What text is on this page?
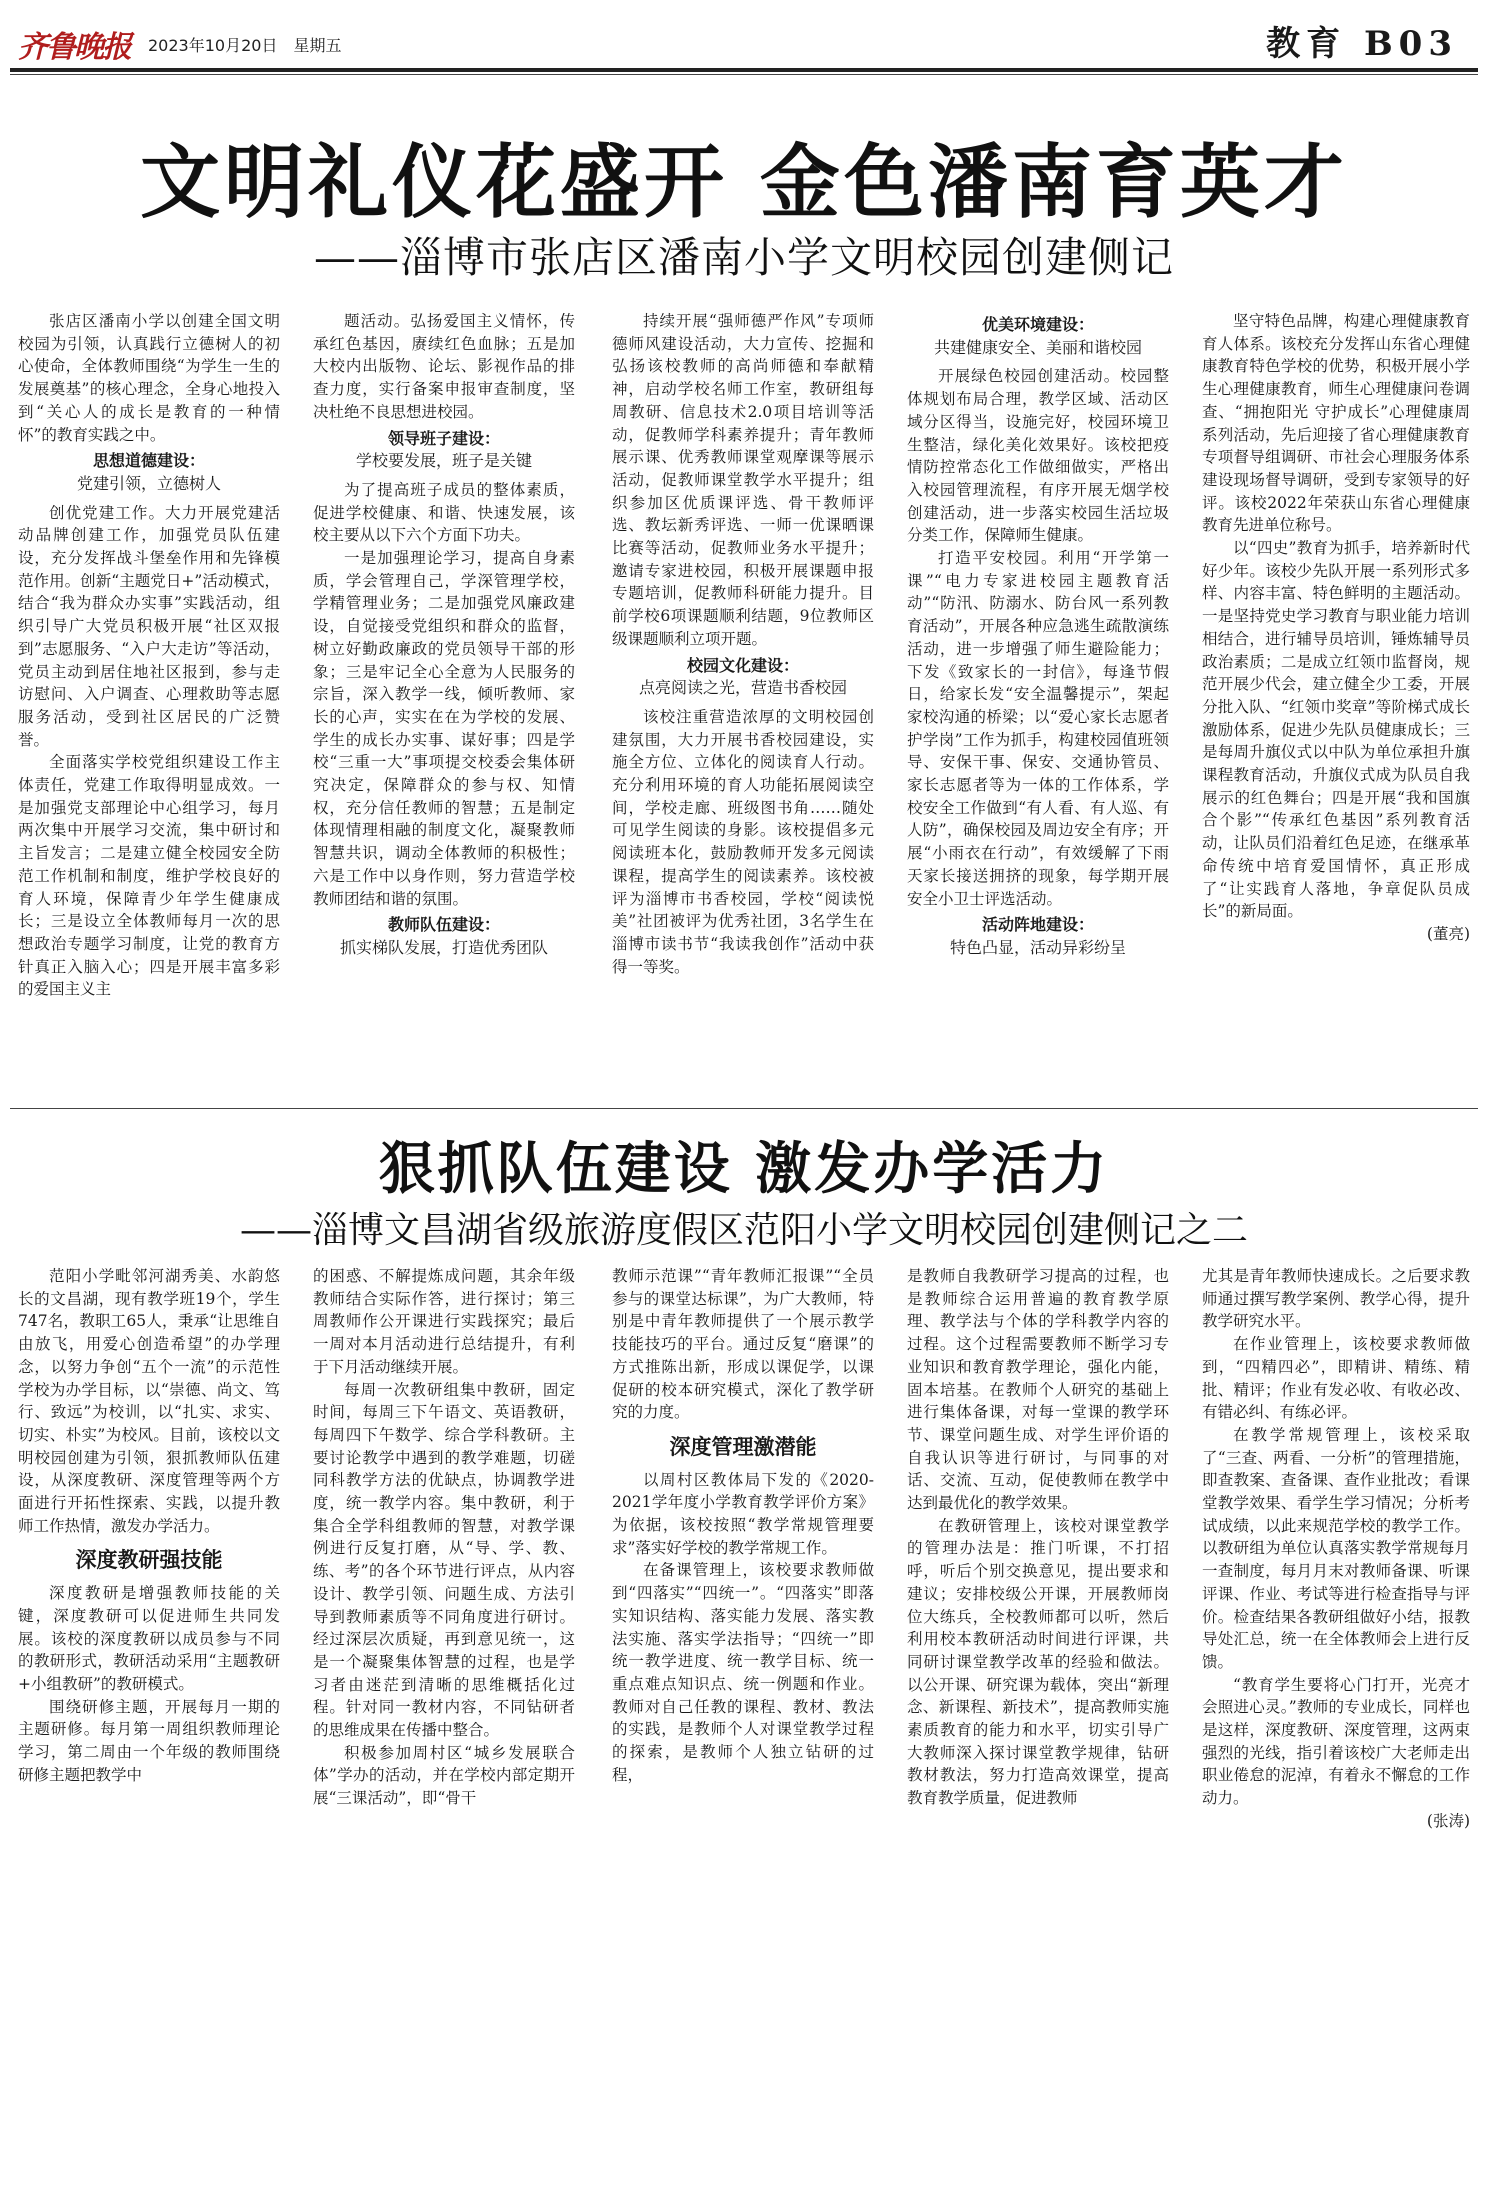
齐鲁晚报 2023年10月20日　星期五	教育 B03
文明礼仪花盛开 金色潘南育英才
——淄博市张店区潘南小学文明校园创建侧记

张店区潘南小学以创建全国文明校园为引领，认真践行立德树人的初心使命，全体教师围绕“为学生一生的发展奠基”的核心理念，全身心地投入到“关心人的成长是教育的一种情怀”的教育实践之中。

思想道德建设：

党建引领，立德树人

创优党建工作。大力开展党建活动品牌创建工作，加强党员队伍建设，充分发挥战斗堡垒作用和先锋模范作用。创新“主题党日+”活动模式，结合“我为群众办实事”实践活动，组织引导广大党员积极开展“社区双报到”志愿服务、“入户大走访”等活动，党员主动到居住地社区报到，参与走访慰问、入户调查、心理救助等志愿服务活动，受到社区居民的广泛赞誉。

全面落实学校党组织建设工作主体责任，党建工作取得明显成效。一是加强党支部理论中心组学习，每月两次集中开展学习交流，集中研讨和主旨发言；二是建立健全校园安全防范工作机制和制度，维护学校良好的育人环境，保障青少年学生健康成长；三是设立全体教师每月一次的思想政治专题学习制度，让党的教育方针真正入脑入心；四是开展丰富多彩的爱国主义主

题活动。弘扬爱国主义情怀，传承红色基因，赓续红色血脉；五是加大校内出版物、论坛、影视作品的排查力度，实行备案申报审查制度，坚决杜绝不良思想进校园。

领导班子建设：

学校要发展，班子是关键

为了提高班子成员的整体素质，促进学校健康、和谐、快速发展，该校主要从以下六个方面下功夫。

一是加强理论学习，提高自身素质，学会管理自己，学深管理学校，学精管理业务；二是加强党风廉政建设，自觉接受党组织和群众的监督，树立好勤政廉政的党员领导干部的形象；三是牢记全心全意为人民服务的宗旨，深入教学一线，倾听教师、家长的心声，实实在在为学校的发展、学生的成长办实事、谋好事；四是学校“三重一大”事项提交校委会集体研究决定，保障群众的参与权、知情权，充分信任教师的智慧；五是制定体现情理相融的制度文化，凝聚教师智慧共识，调动全体教师的积极性；六是工作中以身作则，努力营造学校教师团结和谐的氛围。

教师队伍建设：

抓实梯队发展，打造优秀团队

持续开展“强师德严作风”专项师德师风建设活动，大力宣传、挖掘和弘扬该校教师的高尚师德和奉献精神，启动学校名师工作室，教研组每周教研、信息技术2.0项目培训等活动，促教师学科素养提升；青年教师展示课、优秀教师课堂观摩课等展示活动，促教师课堂教学水平提升；组织参加区优质课评选、骨干教师评选、教坛新秀评选、一师一优课晒课比赛等活动，促教师业务水平提升；邀请专家进校园，积极开展课题申报专题培训，促教师科研能力提升。目前学校6项课题顺利结题，9位教师区级课题顺利立项开题。

校园文化建设：

点亮阅读之光，营造书香校园

该校注重营造浓厚的文明校园创建氛围，大力开展书香校园建设，实施全方位、立体化的阅读育人行动。充分利用环境的育人功能拓展阅读空间，学校走廊、班级图书角……随处可见学生阅读的身影。该校提倡多元阅读班本化，鼓励教师开发多元阅读课程，提高学生的阅读素养。该校被评为淄博市书香校园，学校“阅读悦美”社团被评为优秀社团，3名学生在淄博市读书节“我读我创作”活动中获得一等奖。

优美环境建设：

共建健康安全、美丽和谐校园

开展绿色校园创建活动。校园整体规划布局合理，教学区域、活动区域分区得当，设施完好，校园环境卫生整洁，绿化美化效果好。该校把疫情防控常态化工作做细做实，严格出入校园管理流程，有序开展无烟学校创建活动，进一步落实校园生活垃圾分类工作，保障师生健康。

打造平安校园。利用“开学第一课”“电力专家进校园主题教育活动”“防汛、防溺水、防台风一系列教育活动”，开展各种应急逃生疏散演练活动，进一步增强了师生避险能力；下发《致家长的一封信》，每逢节假日，给家长发“安全温馨提示”，架起家校沟通的桥梁；以“爱心家长志愿者护学岗”工作为抓手，构建校园值班领导、安保干事、保安、交通协管员、家长志愿者等为一体的工作体系，学校安全工作做到“有人看、有人巡、有人防”，确保校园及周边安全有序；开展“小雨衣在行动”，有效缓解了下雨天家长接送拥挤的现象，每学期开展安全小卫士评选活动。

活动阵地建设：

特色凸显，活动异彩纷呈

坚守特色品牌，构建心理健康教育育人体系。该校充分发挥山东省心理健康教育特色学校的优势，积极开展小学生心理健康教育，师生心理健康问卷调查、“拥抱阳光 守护成长”心理健康周系列活动，先后迎接了省心理健康教育专项督导组调研、市社会心理服务体系建设现场督导调研，受到专家领导的好评。该校2022年荣获山东省心理健康教育先进单位称号。

以“四史”教育为抓手，培养新时代好少年。该校少先队开展一系列形式多样、内容丰富、特色鲜明的主题活动。一是坚持党史学习教育与职业能力培训相结合，进行辅导员培训，锤炼辅导员政治素质；二是成立红领巾监督岗，规范开展少代会，建立健全少工委，开展分批入队、“红领巾奖章”等阶梯式成长激励体系，促进少先队员健康成长；三是每周升旗仪式以中队为单位承担升旗课程教育活动，升旗仪式成为队员自我展示的红色舞台；四是开展“我和国旗合个影”“传承红色基因”系列教育活动，让队员们沿着红色足迹，在继承革命传统中培育爱国情怀，真正形成了“让实践育人落地，争章促队员成长”的新局面。

(董亮)

狠抓队伍建设 激发办学活力
——淄博文昌湖省级旅游度假区范阳小学文明校园创建侧记之二

范阳小学毗邻河湖秀美、水韵悠长的文昌湖，现有教学班19个，学生747名，教职工65人，秉承“让思维自由放飞，用爱心创造希望”的办学理念，以努力争创“五个一流”的示范性学校为办学目标，以“崇德、尚文、笃行、致远”为校训，以“扎实、求实、切实、朴实”为校风。目前，该校以文明校园创建为引领，狠抓教师队伍建设，从深度教研、深度管理等两个方面进行开拓性探索、实践，以提升教师工作热情，激发办学活力。

深度教研强技能

深度教研是增强教师技能的关键，深度教研可以促进师生共同发展。该校的深度教研以成员参与不同的教研形式，教研活动采用“主题教研+小组教研”的教研模式。

围绕研修主题，开展每月一期的主题研修。每月第一周组织教师理论学习，第二周由一个年级的教师围绕研修主题把教学中

的困惑、不解提炼成问题，其余年级教师结合实际作答，进行探讨；第三周教师作公开课进行实践探究；最后一周对本月活动进行总结提升，有利于下月活动继续开展。

每周一次教研组集中教研，固定时间，每周三下午语文、英语教研，每周四下午数学、综合学科教研。主要讨论教学中遇到的教学难题，切磋同科教学方法的优缺点，协调教学进度，统一教学内容。集中教研，利于集合全学科组教师的智慧，对教学课例进行反复打磨，从“导、学、教、练、考”的各个环节进行评点，从内容设计、教学引领、问题生成、方法引导到教师素质等不同角度进行研讨。经过深层次质疑，再到意见统一，这是一个凝聚集体智慧的过程，也是学习者由迷茫到清晰的思维概括化过程。针对同一教材内容，不同钻研者的思维成果在传播中整合。

积极参加周村区“城乡发展联合体”学办的活动，并在学校内部定期开展“三课活动”，即“骨干

教师示范课”“青年教师汇报课”“全员参与的课堂达标课”，为广大教师，特别是中青年教师提供了一个展示教学技能技巧的平台。通过反复“磨课”的方式推陈出新，形成以课促学，以课促研的校本研究模式，深化了教学研究的力度。

深度管理激潜能

以周村区教体局下发的《2020-2021学年度小学教育教学评价方案》为依据，该校按照“教学常规管理要求”落实好学校的教学常规工作。

在备课管理上，该校要求教师做到“四落实”“四统一”。“四落实”即落实知识结构、落实能力发展、落实教法实施、落实学法指导；“四统一”即统一教学进度、统一教学目标、统一重点难点知识点、统一例题和作业。教师对自己任教的课程、教材、教法的实践，是教师个人对课堂教学过程的探索，是教师个人独立钻研的过程，

是教师自我教研学习提高的过程，也是教师综合运用普遍的教育教学原理、教学法与个体的学科教学内容的过程。这个过程需要教师不断学习专业知识和教育教学理论，强化内能，固本培基。在教师个人研究的基础上进行集体备课，对每一堂课的教学环节、课堂问题生成、对学生评价语的自我认识等进行研讨，与同事的对话、交流、互动，促使教师在教学中达到最优化的教学效果。

在教研管理上，该校对课堂教学的管理办法是：推门听课，不打招呼，听后个别交换意见，提出要求和建议；安排校级公开课，开展教师岗位大练兵，全校教师都可以听，然后利用校本教研活动时间进行评课，共同研讨课堂教学改革的经验和做法。以公开课、研究课为载体，突出“新理念、新课程、新技术”，提高教师实施素质教育的能力和水平，切实引导广大教师深入探讨课堂教学规律，钻研教材教法，努力打造高效课堂，提高教育教学质量，促进教师

尤其是青年教师快速成长。之后要求教师通过撰写教学案例、教学心得，提升教学研究水平。

在作业管理上，该校要求教师做到，“四精四必”，即精讲、精练、精批、精评；作业有发必收、有收必改、有错必纠、有练必评。

在教学常规管理上，该校采取了“三查、两看、一分析”的管理措施，即查教案、查备课、查作业批改；看课堂教学效果、看学生学习情况；分析考试成绩，以此来规范学校的教学工作。以教研组为单位认真落实教学常规每月一查制度，每月月末对教师备课、听课评课、作业、考试等进行检查指导与评价。检查结果各教研组做好小结，报教导处汇总，统一在全体教师会上进行反馈。

“教育学生要将心门打开，光亮才会照进心灵。”教师的专业成长，同样也是这样，深度教研、深度管理，这两束强烈的光线，指引着该校广大老师走出职业倦怠的泥淖，有着永不懈怠的工作动力。

(张涛)
